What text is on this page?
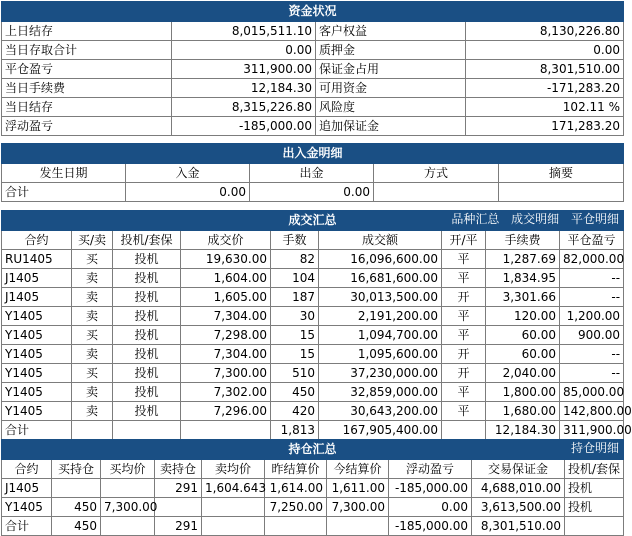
资金状况			
上日结存	8,015,511.10	客户权益	8,130,226.80
当日存取合计	0.00	质押金	0.00
平仓盈亏	311,900.00	保证金占用	8,301,510.00
当日手续费	12,184.30	可用资金	-171,283.20
当日结存	8,315,226.80	风险度	102.11 %
浮动盈亏	-185,000.00	追加保证金	171,283.20
出入金明细				
发生日期	入金	出金	方式	摘要
合计	0.00	0.00		
成交汇总 品种汇总 成交明细 平仓明细								

合约	买/卖	投机/套保	成交价	手数	成交额	开/平	手续费	平仓盈亏
RU1405	买	投机	19,630.00	82	16,096,600.00	平	1,287.69	82,000.00
J1405	卖	投机	1,604.00	104	16,681,600.00	平	1,834.95	--
J1405	卖	投机	1,605.00	187	30,013,500.00	开	3,301.66	--
Y1405	卖	投机	7,304.00	30	2,191,200.00	平	120.00	1,200.00
Y1405	买	投机	7,298.00	15	1,094,700.00	平	60.00	900.00
Y1405	卖	投机	7,304.00	15	1,095,600.00	开	60.00	--
Y1405	买	投机	7,300.00	510	37,230,000.00	开	2,040.00	--
Y1405	卖	投机	7,302.00	450	32,859,000.00	平	1,800.00	85,000.00
Y1405	卖	投机	7,296.00	420	30,643,200.00	平	1,680.00	142,800.00
合计				1,813	167,905,400.00		12,184.30	311,900.00
持仓汇总 持仓明细									

合约	买持仓	买均价	卖持仓	卖均价	昨结算价	今结算价	浮动盈亏	交易保证金	投机/套保
J1405			291	1,604.643	1,614.00	1,611.00	-185,000.00	4,688,010.00	投机
Y1405	450	7,300.00			7,250.00	7,300.00	0.00	3,613,500.00	投机
合计	450		291				-185,000.00	8,301,510.00	
